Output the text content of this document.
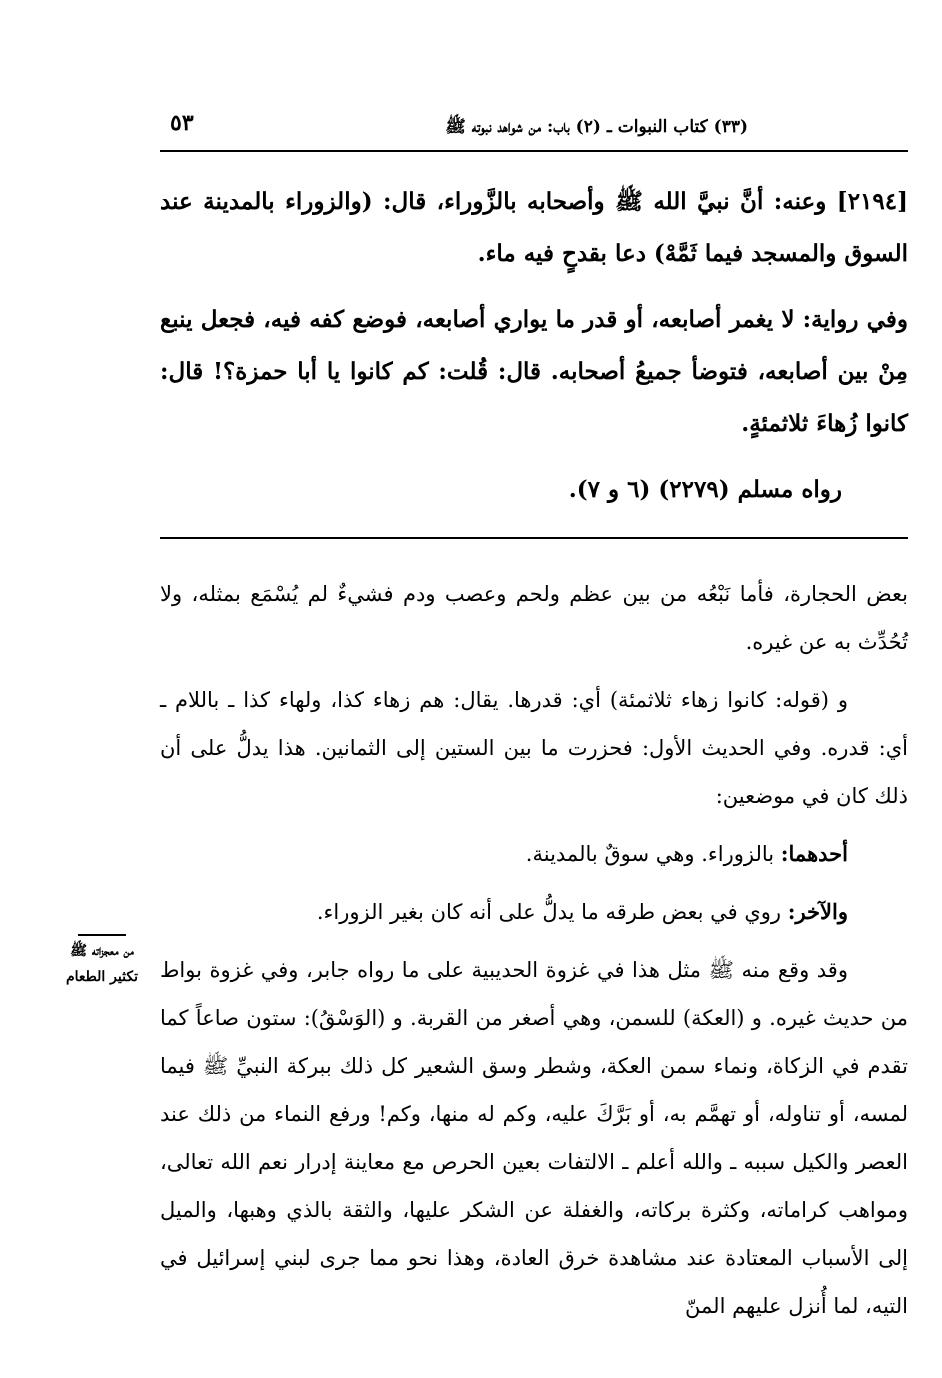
(٣٣) كتاب النبوات ـ (٢) باب: من شواهد نبوته ﷺ
٥٣

[٢١٩٤] وعنه: أنَّ نبيَّ الله ﷺ وأصحابه بالزَّوراء، قال: (والزوراء بالمدينة عند السوق والمسجد فيما ثَمَّهْ) دعا بقدحٍ فيه ماء.

وفي رواية: لا يغمر أصابعه، أو قدر ما يواري أصابعه، فوضع كفه فيه، فجعل ينبع مِنْ بين أصابعه، فتوضأ جميعُ أصحابه. قال: قُلت: كم كانوا يا أبا حمزة؟! قال: كانوا زُهاءَ ثلاثمئةٍ.

رواه مسلم (٢٢٧٩) (٦ و ٧).

بعض الحجارة، فأما نَبْعُه من بين عظم ولحم وعصب ودم فشيءٌ لم يُسْمَع بمثله، ولا تُحُدِّث به عن غيره.

و (قوله: كانوا زهاء ثلاثمئة) أي: قدرها. يقال: هم زهاء كذا، ولهاء كذا ـ باللام ـ أي: قدره. وفي الحديث الأول: فحزرت ما بين الستين إلى الثمانين. هذا يدلُّ على أن ذلك كان في موضعين:

أحدهما: بالزوراء. وهي سوقٌ بالمدينة.

والآخر: روي في بعض طرقه ما يدلُّ على أنه كان بغير الزوراء.

وقد وقع منه ﷺ مثل هذا في غزوة الحديبية على ما رواه جابر، وفي غزوة بواط من حديث غيره. و (العكة) للسمن، وهي أصغر من القربة. و (الوَسْقُ): ستون صاعاً كما تقدم في الزكاة، ونماء سمن العكة، وشطر وسق الشعير كل ذلك ببركة النبيِّ ﷺ فيما لمسه، أو تناوله، أو تهمَّم به، أو بَرَّكَ عليه، وكم له منها، وكم! ورفع النماء من ذلك عند العصر والكيل سببه ـ والله أعلم ـ الالتفات بعين الحرص مع معاينة إدرار نعم الله تعالى، ومواهب كراماته، وكثرة بركاته، والغفلة عن الشكر عليها، والثقة بالذي وهبها، والميل إلى الأسباب المعتادة عند مشاهدة خرق العادة، وهذا نحو مما جرى لبني إسرائيل في التيه، لما أُنزل عليهم المنّ

من معجزاته ﷺ
تكثير الطعام
